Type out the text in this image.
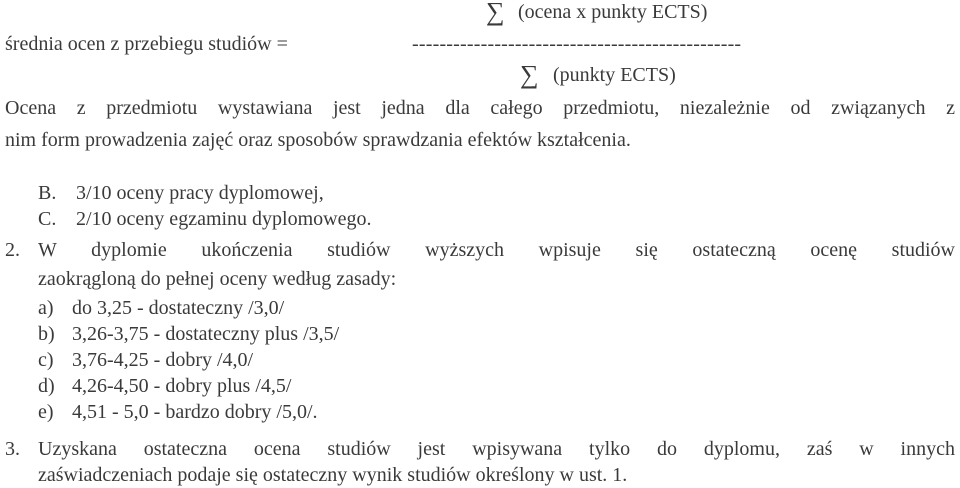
∑ (ocena x punkty ECTS)
średnia ocen z przebiegu studiów =	------------------------------------------------
∑ (punkty ECTS)
Ocena z przedmiotu wystawiana jest jedna dla całego przedmiotu, niezależnie od związanych z
nim form prowadzenia zajęć oraz sposobów sprawdzania efektów kształcenia.
B. 3/10 oceny pracy dyplomowej,
C. 2/10 oceny egzaminu dyplomowego.
2. W dyplomie ukończenia studiów wyższych wpisuje się ostateczną ocenę studiów
zaokrągloną do pełnej oceny według zasady:
a) do 3,25 - dostateczny /3,0/
b) 3,26-3,75 - dostateczny plus /3,5/
c) 3,76-4,25 - dobry /4,0/
d) 4,26-4,50 - dobry plus /4,5/
e) 4,51 - 5,0 - bardzo dobry /5,0/.
3. Uzyskana ostateczna ocena studiów jest wpisywana tylko do dyplomu, zaś w innych
zaświadczeniach podaje się ostateczny wynik studiów określony w ust. 1.
